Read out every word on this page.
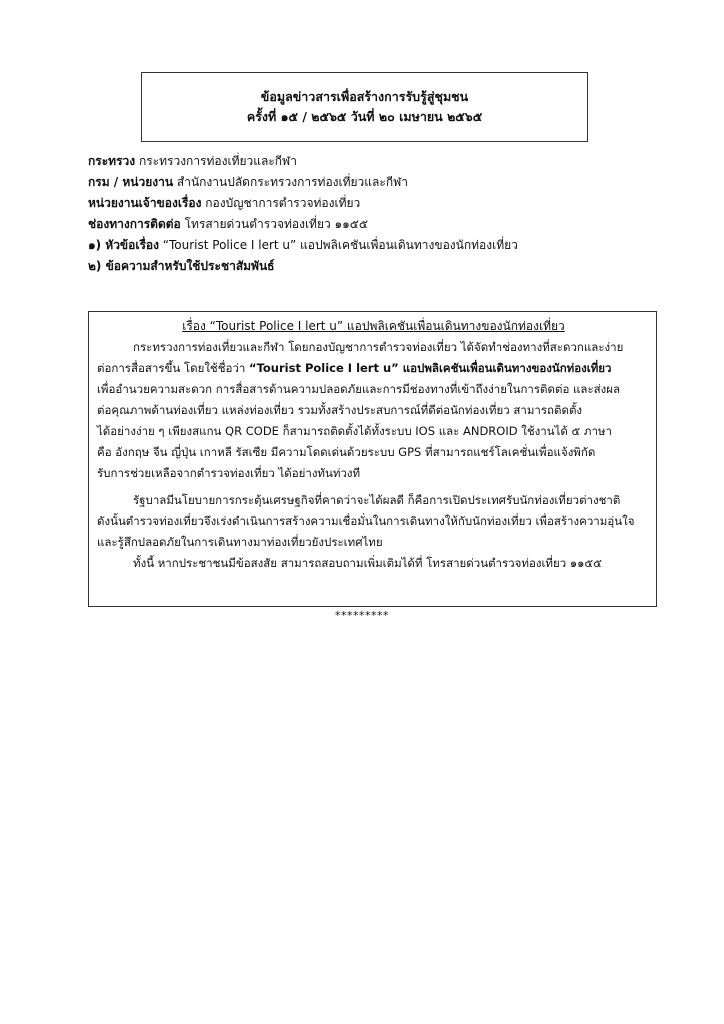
ข้อมูลข่าวสารเพื่อสร้างการรับรู้สู่ชุมชน
ครั้งที่ ๑๕ / ๒๕๖๕ วันที่ ๒๐ เมษายน ๒๕๖๕
กระทรวง กระทรวงการท่องเที่ยวและกีฬา
กรม / หน่วยงาน สำนักงานปลัดกระทรวงการท่องเที่ยวและกีฬา
หน่วยงานเจ้าของเรื่อง กองบัญชาการตำรวจท่องเที่ยว
ช่องทางการติดต่อ โทรสายด่วนตำรวจท่องเที่ยว ๑๑๕๕
๑) หัวข้อเรื่อง “Tourist Police I lert u” แอปพลิเคชันเพื่อนเดินทางของนักท่องเที่ยว
๒) ข้อความสำหรับใช้ประชาสัมพันธ์
เรื่อง “Tourist Police I lert u” แอปพลิเคชันเพื่อนเดินทางของนักท่องเที่ยว

กระทรวงการท่องเที่ยวและกีฬา โดยกองบัญชาการตำรวจท่องเที่ยว ได้จัดทำช่องทางที่สะดวกและง่าย
ต่อการสื่อสารขึ้น โดยใช้ชื่อว่า “Tourist Police I lert u” แอปพลิเคชันเพื่อนเดินทางของนักท่องเที่ยว
เพื่ออำนวยความสะดวก การสื่อสารด้านความปลอดภัยและการมีช่องทางที่เข้าถึงง่ายในการติดต่อ และส่งผล
ต่อคุณภาพด้านท่องเที่ยว แหล่งท่องเที่ยว รวมทั้งสร้างประสบการณ์ที่ดีต่อนักท่องเที่ยว สามารถติดตั้ง
ได้อย่างง่าย ๆ เพียงสแกน QR CODE ก็สามารถติดตั้งได้ทั้งระบบ IOS และ ANDROID ใช้งานได้ ๕ ภาษา
คือ อังกฤษ จีน ญี่ปุ่น เกาหลี รัสเซีย มีความโดดเด่นด้วยระบบ GPS ที่สามารถแชร์โลเคชั่นเพื่อแจ้งพิกัด
รับการช่วยเหลือจากตำรวจท่องเที่ยว ได้อย่างทันท่วงที

รัฐบาลมีนโยบายการกระตุ้นเศรษฐกิจที่คาดว่าจะได้ผลดี ก็คือการเปิดประเทศรับนักท่องเที่ยวต่างชาติ
ดังนั้นตำรวจท่องเที่ยวจึงเร่งดำเนินการสร้างความเชื่อมั่นในการเดินทางให้กับนักท่องเที่ยว เพื่อสร้างความอุ่นใจ
และรู้สึกปลอดภัยในการเดินทางมาท่องเที่ยวยังประเทศไทย

ทั้งนี้ หากประชาชนมีข้อสงสัย สามารถสอบถามเพิ่มเติมได้ที่ โทรสายด่วนตำรวจท่องเที่ยว ๑๑๕๕

*********
